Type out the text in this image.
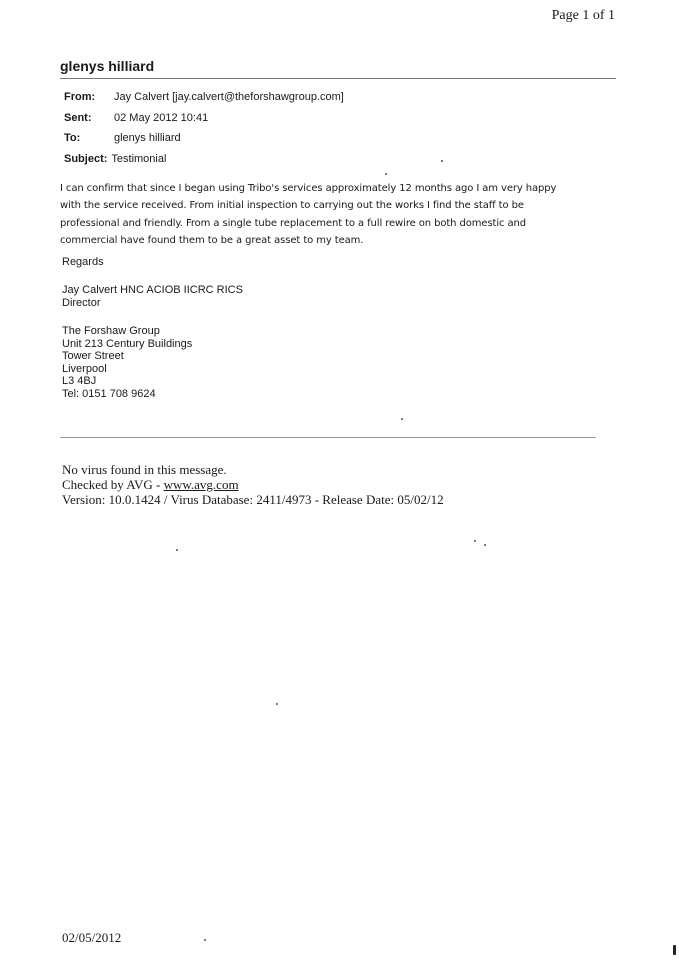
Page 1 of 1
glenys hilliard
From:	Jay Calvert [jay.calvert@theforshawgroup.com]
Sent:	02 May 2012 10:41
To:	glenys hilliard
Subject: Testimonial
I can confirm that since I began using Tribo's services approximately 12 months ago I am very happy
with the service received. From initial inspection to carrying out the works I find the staff to be
professional and friendly. From a single tube replacement to a full rewire on both domestic and
commercial have found them to be a great asset to my team.
Regards
Jay Calvert HNC ACIOB IICRC RICS
Director
The Forshaw Group
Unit 213 Century Buildings
Tower Street
Liverpool
L3 4BJ
Tel: 0151 708 9624
No virus found in this message.
Checked by AVG - www.avg.com
Version: 10.0.1424 / Virus Database: 2411/4973 - Release Date: 05/02/12
02/05/2012
